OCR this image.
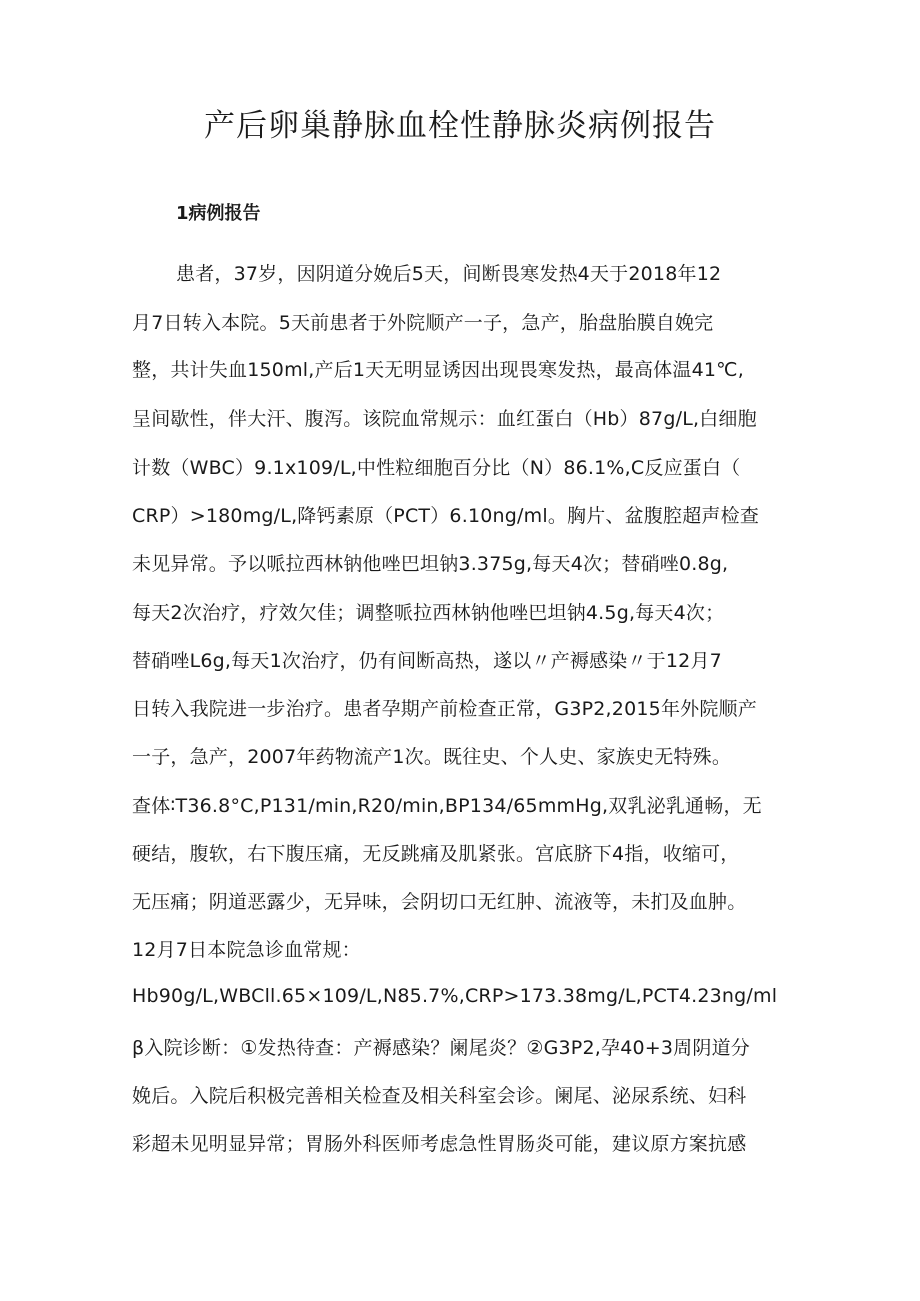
产后卵巢静脉血栓性静脉炎病例报告
1病例报告

患者，37岁，因阴道分娩后5天，间断畏寒发热4天于2018年12

月7日转入本院。5天前患者于外院顺产一子，急产，胎盘胎膜自娩完

整，共计失血150ml,产后1天无明显诱因出现畏寒发热，最高体温41℃,

呈间歇性，伴大汗、腹泻。该院血常规示：血红蛋白（Hb）87g∕L,白细胞

计数（WBC）9.1x109/L,中性粒细胞百分比（N）86.1%,C反应蛋白（

CRP）>180mg/L,降钙素原（PCT）6.10ng∕ml。胸片、盆腹腔超声检查

未见异常。予以哌拉西林钠他唑巴坦钠3.375g,每天4次；替硝唑0.8g,

每天2次治疗，疗效欠佳；调整哌拉西林钠他唑巴坦钠4.5g,每天4次；

替硝唑L6g,每天1次治疗，仍有间断高热，遂以〃产褥感染〃于12月7

日转入我院进一步治疗。患者孕期产前检查正常，G3P2,2015年外院顺产

一子，急产，2007年药物流产1次。既往史、个人史、家族史无特殊。

查体∶T36.8°C,P131/min,R20/min,BP134/65mmHg,双乳泌乳通畅，无

硬结，腹软，右下腹压痛，无反跳痛及肌紧张。宫底脐下4指，收缩可，

无压痛；阴道恶露少，无异味，会阴切口无红肿、流液等，未扪及血肿。

12月7日本院急诊血常规：

Hb90g∕L,WBCll.65×109/L,N85.7%,CRP>173.38mg/L,PCT4.23ng∕ml

β入院诊断：①发热待查：产褥感染？阑尾炎？②G3P2,孕40+3周阴道分

娩后。入院后积极完善相关检查及相关科室会诊。阑尾、泌尿系统、妇科

彩超未见明显异常；胃肠外科医师考虑急性胃肠炎可能，建议原方案抗感
